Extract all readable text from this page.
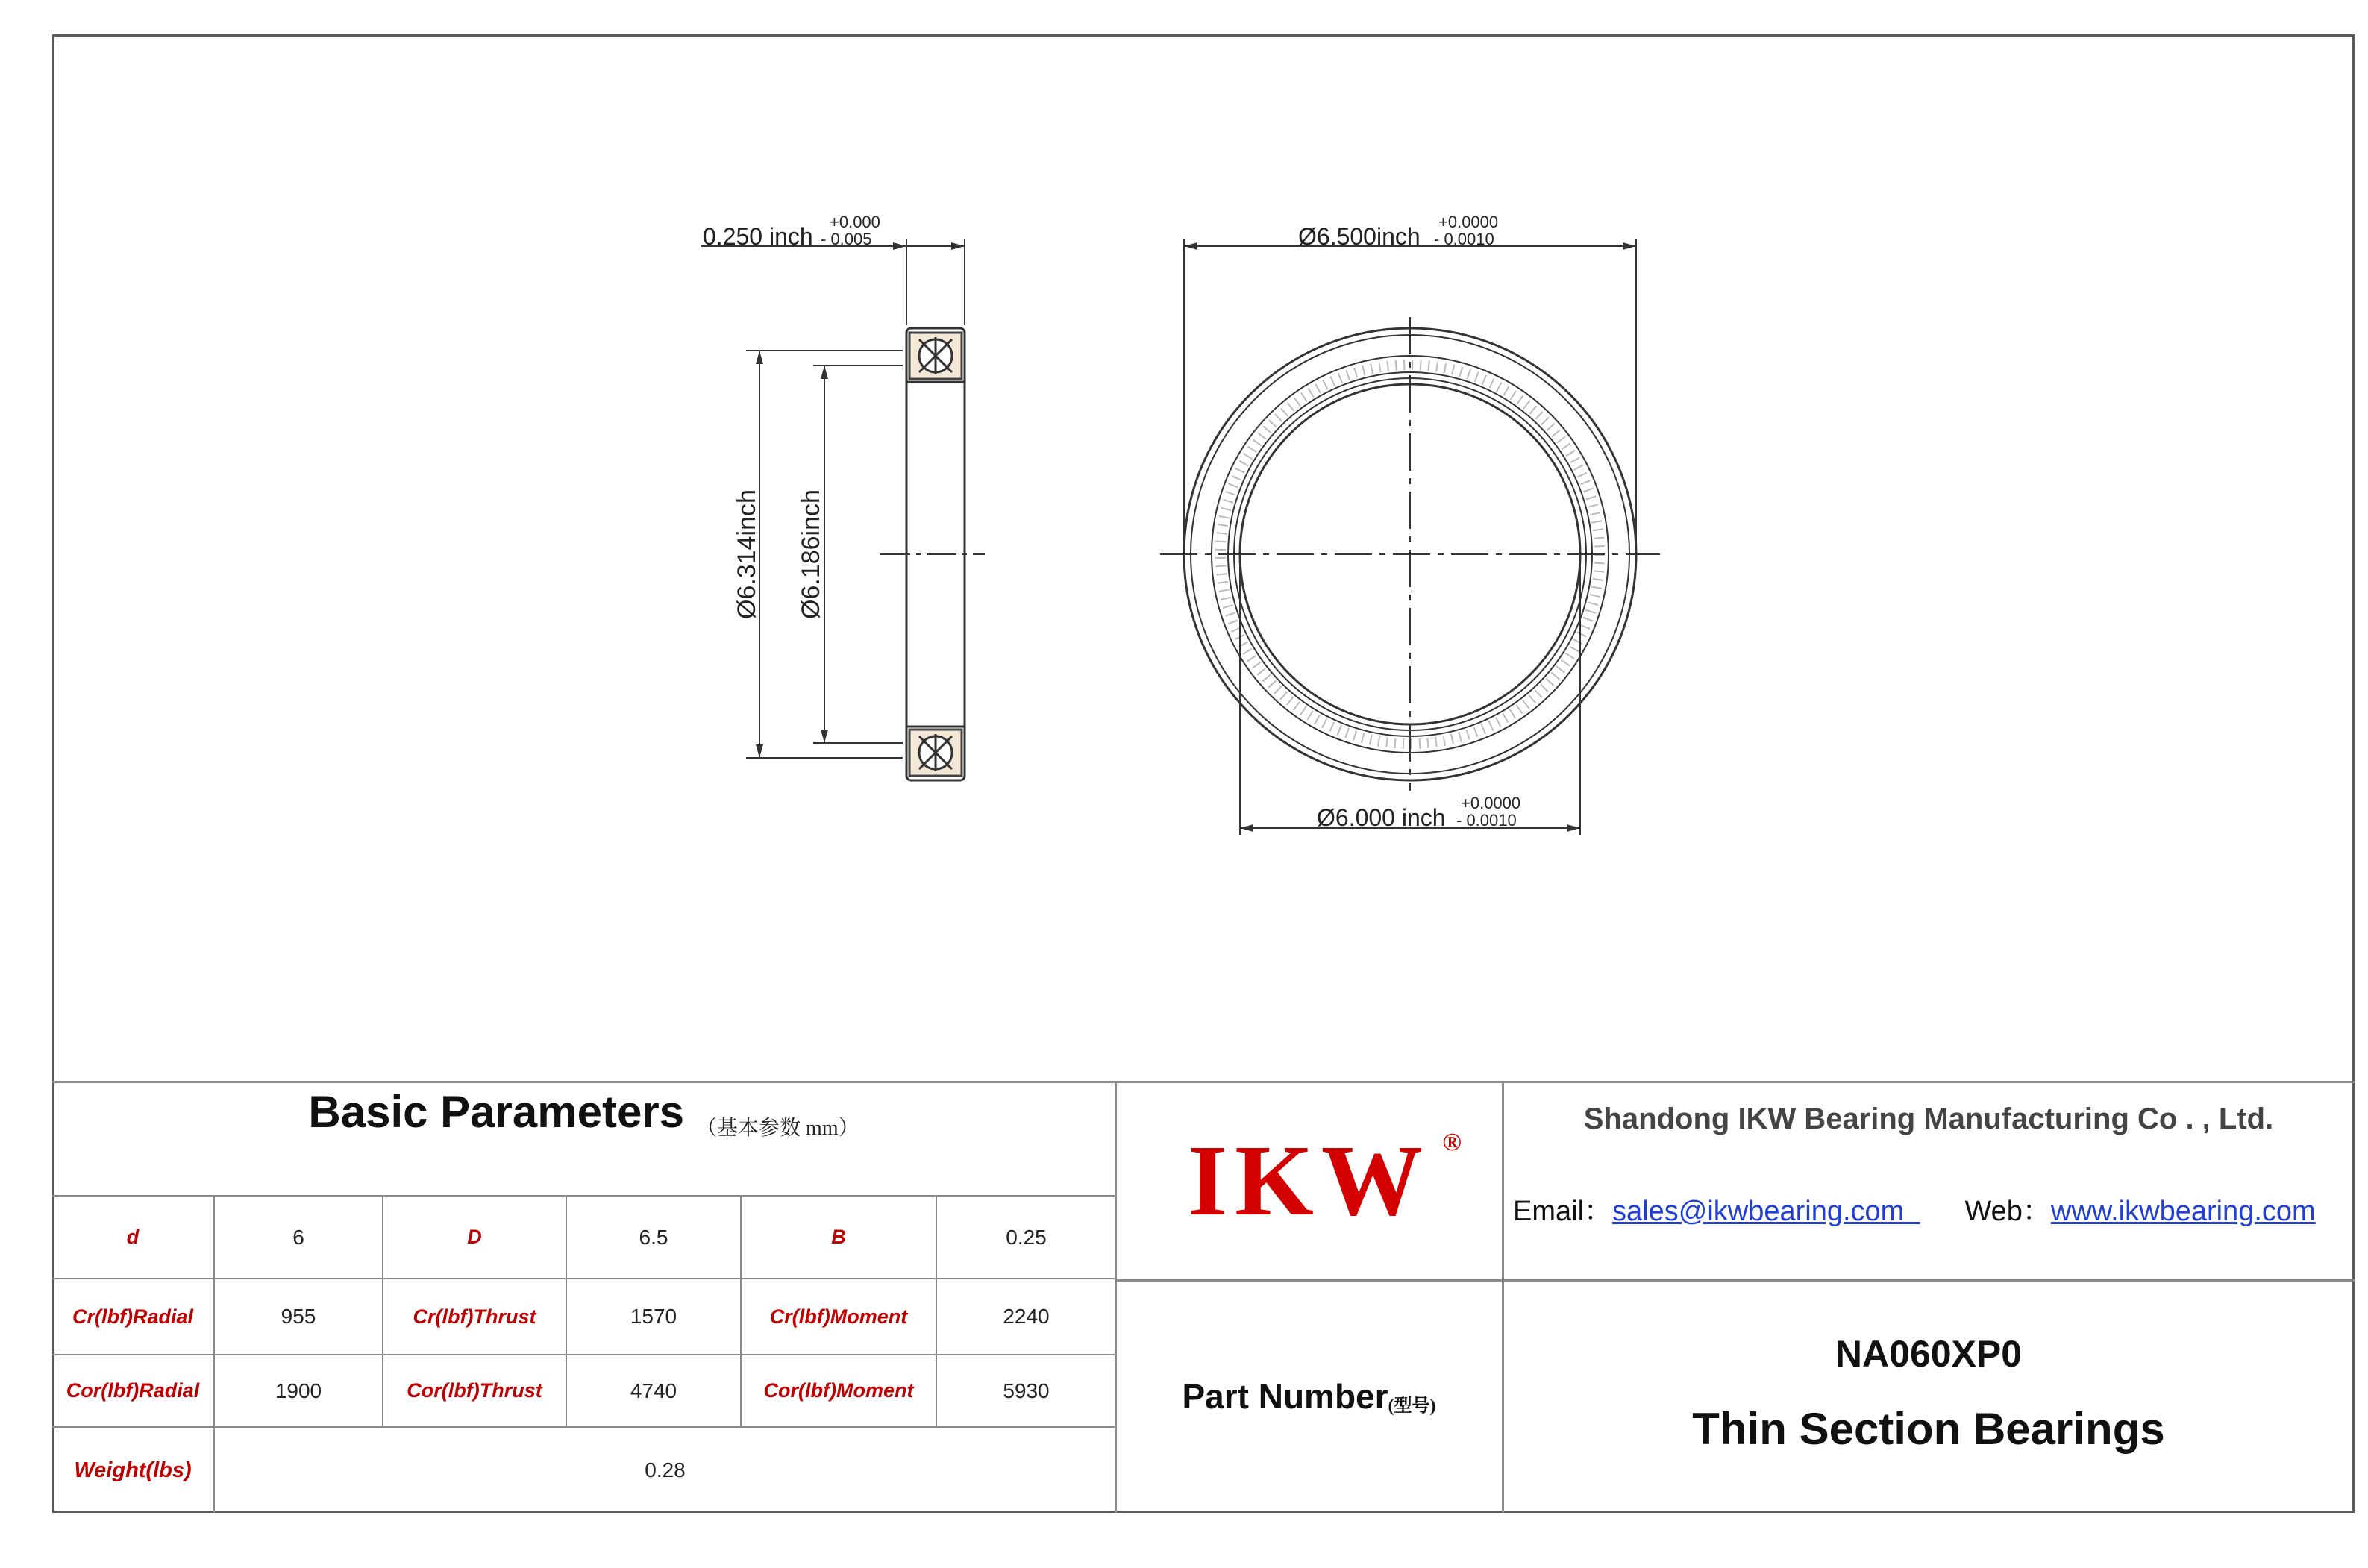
0.250 inch
+0.000
- 0.005
Ø6.314inch Ø6.186inch
Ø6.500inch
+0.0000
- 0.0010
Ø6.000 inch
+0.0000
- 0.0010
Basic Parameters （基本参数 mm）
d	6	D	6.5	B	0.25
Cr(lbf)Radial	955	Cr(lbf)Thrust	1570	Cr(lbf)Moment	2240
Cor(lbf)Radial	1900	Cor(lbf)Thrust	4740	Cor(lbf)Moment	5930
Weight(lbs)	0.28
IKW ®
Shandong IKW Bearing Manufacturing Co . , Ltd.
Email：sales@ikwbearing.com  Web：www.ikwbearing.com
Part Number (型号)
NA060XP0
Thin Section Bearings
